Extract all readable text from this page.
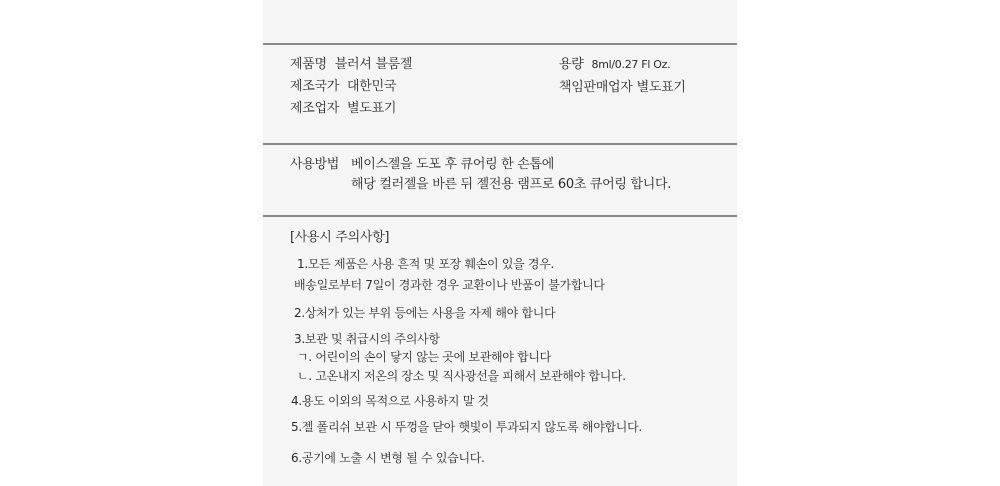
제품명 블러셔 블룸젤
제조국가 대한민국
제조업자 별도표기
용량 8ml/0.27 Fl Oz.
책임판매업자 별도표기
사용방법 베이스젤을 도포 후 큐어링 한 손톱에
해당 컬러젤을 바른 뒤 젤전용 램프로 60초 큐어링 합니다.
[사용시 주의사항]
1.모든 제품은 사용 흔적 및 포장 훼손이 있을 경우.
배송일로부터 7일이 경과한 경우 교환이나 반품이 불가합니다
2.상처가 있는 부위 등에는 사용을 자제 해야 합니다
3.보관 및 취급시의 주의사항
ㄱ. 어린이의 손이 닿지 않는 곳에 보관해야 합니다
ㄴ. 고온내지 저온의 장소 및 직사광선을 피해서 보관해야 합니다.
4.용도 이외의 목적으로 사용하지 말 것
5.젤 폴리쉬 보관 시 뚜껑을 닫아 햇빛이 투과되지 않도록 해야합니다.
6.공기에 노출 시 변형 될 수 있습니다.
